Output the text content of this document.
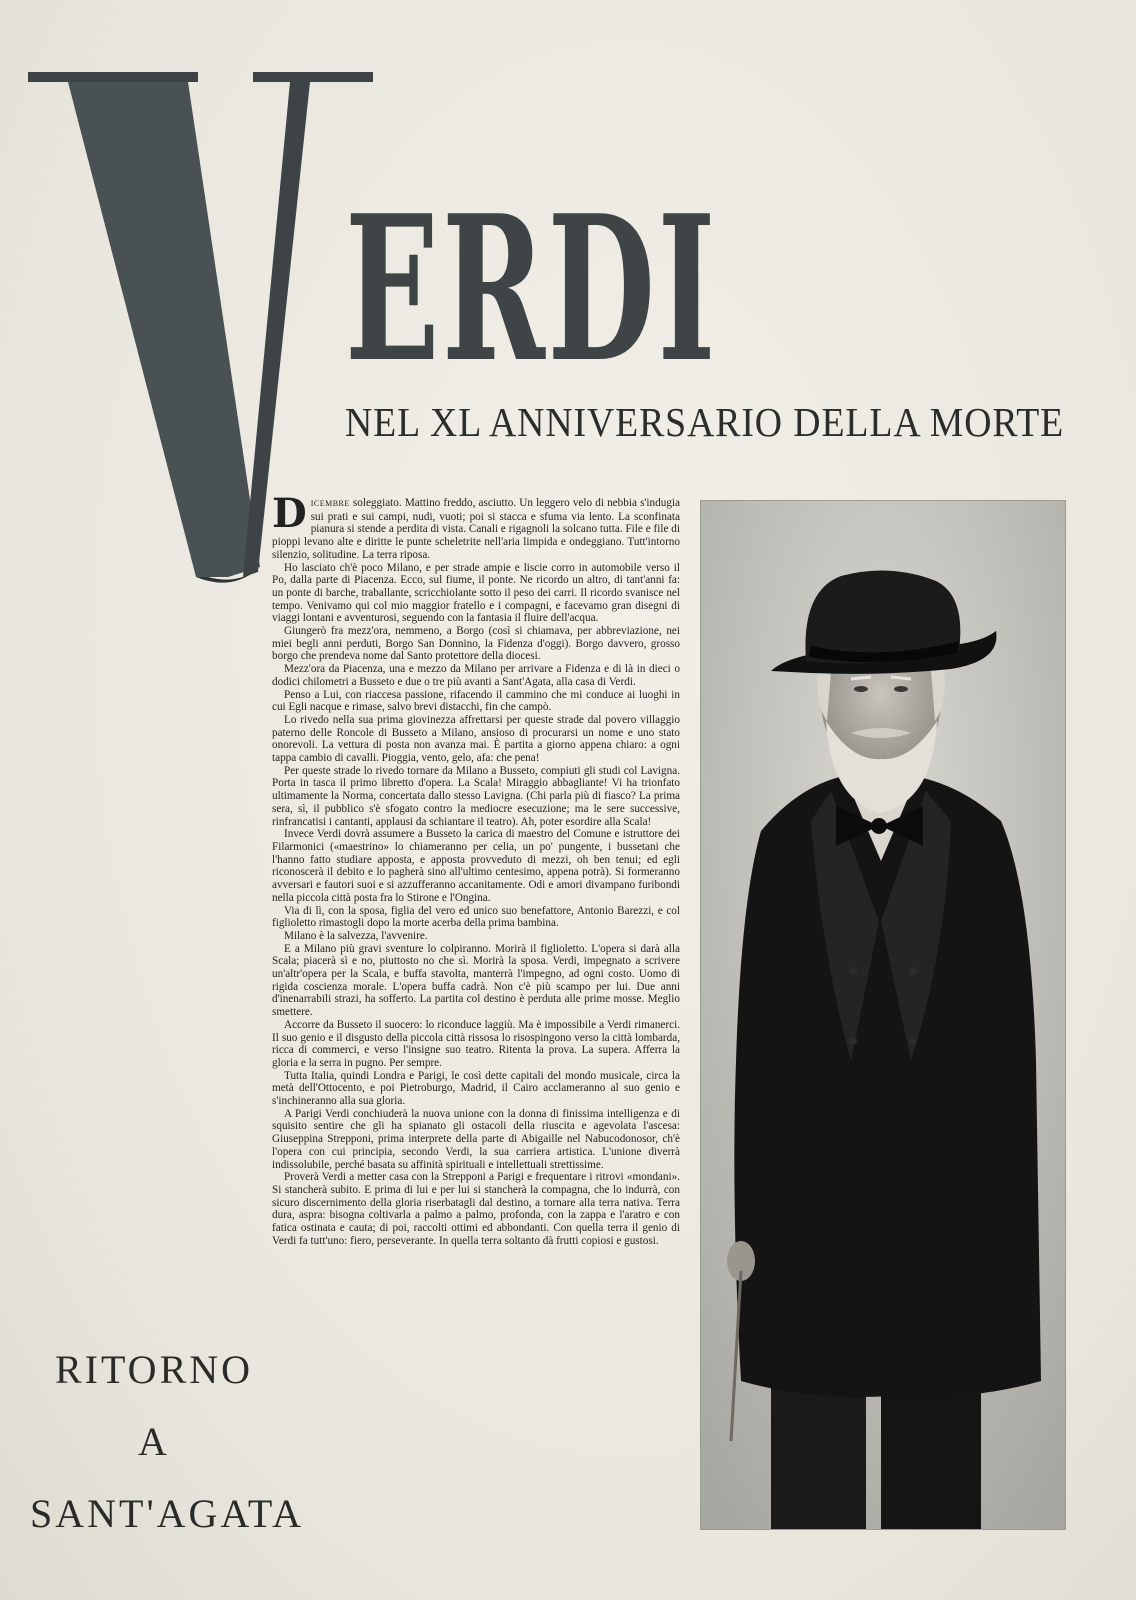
ERDI
NEL XL ANNIVERSARIO DELLA MORTE
RITORNO
A
SANT'AGATA

DICEMBRE soleggiato. Mattino freddo, asciutto. Un leggero velo di nebbia s'indugia sui prati e sui campi, nudi, vuoti; poi si stacca e sfuma via lento. La sconfinata pianura si stende a perdita di vista. Canali e rigagnoli la solcano tutta. File e file di pioppi levano alte e diritte le punte scheletrite nell'aria limpida e ondeggiano. Tutt'intorno silenzio, solitudine. La terra riposa.

Ho lasciato ch'è poco Milano, e per strade ampie e liscie corro in automobile verso il Po, dalla parte di Piacenza. Ecco, sul fiume, il ponte. Ne ricordo un altro, di tant'anni fa: un ponte di barche, traballante, scricchiolante sotto il peso dei carri. Il ricordo svanisce nel tempo. Venivamo qui col mio maggior fratello e i compagni, e facevamo gran disegni di viaggi lontani e avventurosi, seguendo con la fantasia il fluire dell'acqua.

Giungerò fra mezz'ora, nemmeno, a Borgo (così si chiamava, per abbreviazione, nei miei begli anni perduti, Borgo San Donnino, la Fidenza d'oggi). Borgo davvero, grosso borgo che prendeva nome dal Santo protettore della diocesi.

Mezz'ora da Piacenza, una e mezzo da Milano per arrivare a Fidenza e di là in dieci o dodici chilometri a Busseto e due o tre più avanti a Sant'Agata, alla casa di Verdi.

Penso a Lui, con riaccesa passione, rifacendo il cammino che mi conduce ai luoghi in cui Egli nacque e rimase, salvo brevi distacchi, fin che campò.

Lo rivedo nella sua prima giovinezza affrettarsi per queste strade dal povero villaggio paterno delle Roncole di Busseto a Milano, ansioso di procurarsi un nome e uno stato onorevoli. La vettura di posta non avanza mai. È partita a giorno appena chiaro: a ogni tappa cambio di cavalli. Pioggia, vento, gelo, afa: che pena!

Per queste strade lo rivedo tornare da Milano a Busseto, compiuti gli studi col Lavigna. Porta in tasca il primo libretto d'opera. La Scala! Miraggio abbagliante! Vi ha trionfato ultimamente la Norma, concertata dallo stesso Lavigna. (Chi parla più di fiasco? La prima sera, sì, il pubblico s'è sfogato contro la mediocre esecuzione; ma le sere successive, rinfrancatisi i cantanti, applausi da schiantare il teatro). Ah, poter esordire alla Scala!

Invece Verdi dovrà assumere a Busseto la carica di maestro del Comune e istruttore dei Filarmonici («maestrino» lo chiameranno per celia, un po' pungente, i bussetani che l'hanno fatto studiare apposta, e apposta provveduto di mezzi, oh ben tenui; ed egli riconoscerà il debito e lo pagherà sino all'ultimo centesimo, appena potrà). Si formeranno avversari e fautori suoi e si azzufferanno accanitamente. Odi e amori divampano furibondi nella piccola città posta fra lo Stirone e l'Ongina.

Via di lì, con la sposa, figlia del vero ed unico suo benefattore, Antonio Barezzi, e col figlioletto rimastogli dopo la morte acerba della prima bambina.

Milano è la salvezza, l'avvenire.

E a Milano più gravi sventure lo colpiranno. Morirà il figlioletto. L'opera si darà alla Scala; piacerà sì e no, piuttosto no che sì. Morirà la sposa. Verdi, impegnato a scrivere un'altr'opera per la Scala, e buffa stavolta, manterrà l'impegno, ad ogni costo. Uomo di rigida coscienza morale. L'opera buffa cadrà. Non c'è più scampo per lui. Due anni d'inenarrabili strazi, ha sofferto. La partita col destino è perduta alle prime mosse. Meglio smettere.

Accorre da Busseto il suocero: lo riconduce laggiù. Ma è impossibile a Verdi rimanerci. Il suo genio e il disgusto della piccola città rissosa lo risospingono verso la città lombarda, ricca di commerci, e verso l'insigne suo teatro. Ritenta la prova. La supera. Afferra la gloria e la serra in pugno. Per sempre.

Tutta Italia, quindi Londra e Parigi, le così dette capitali del mondo musicale, circa la metà dell'Ottocento, e poi Pietroburgo, Madrid, il Cairo acclameranno al suo genio e s'inchineranno alla sua gloria.

A Parigi Verdi conchiuderà la nuova unione con la donna di finissima intelligenza e di squisito sentire che gli ha spianato gli ostacoli della riuscita e agevolata l'ascesa: Giuseppina Strepponi, prima interprete della parte di Abigaille nel Nabucodonosor, ch'è l'opera con cui principia, secondo Verdi, la sua carriera artistica. L'unione diverrà indissolubile, perché basata su affinità spirituali e intellettuali strettissime.

Proverà Verdi a metter casa con la Strepponi a Parigi e frequentare i ritrovi «mondani». Si stancherà subito. E prima di lui e per lui si stancherà la compagna, che lo indurrà, con sicuro discernimento della gloria riserbatagli dal destino, a tornare alla terra nativa. Terra dura, aspra: bisogna coltivarla a palmo a palmo, profonda, con la zappa e l'aratro e con fatica ostinata e cauta; di poi, raccolti ottimi ed abbondanti. Con quella terra il genio di Verdi fa tutt'uno: fiero, perseverante. In quella terra soltanto dà frutti copiosi e gustosi.
